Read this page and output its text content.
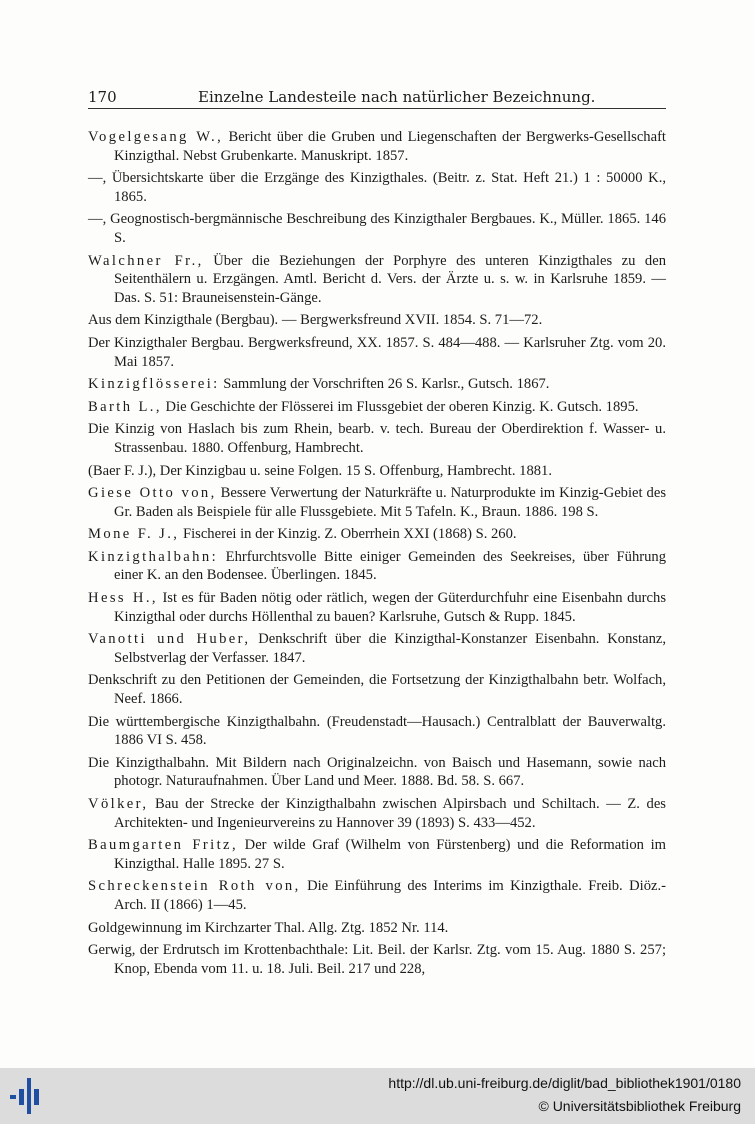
170	Einzelne Landesteile nach natürlicher Bezeichnung.
Vogelgesang W., Bericht über die Gruben und Liegenschaften der Bergwerks-Gesellschaft Kinzigthal. Nebst Grubenkarte. Manuskript. 1857.
—, Übersichtskarte über die Erzgänge des Kinzigthales. (Beitr. z. Stat. Heft 21.) 1 : 50000 K., 1865.
—, Geognostisch-bergmännische Beschreibung des Kinzigthaler Bergbaues. K., Müller. 1865. 146 S.
Walchner Fr., Über die Beziehungen der Porphyre des unteren Kinzigthales zu den Seitenthälern u. Erzgängen. Amtl. Bericht d. Vers. der Ärzte u. s. w. in Karlsruhe 1859. — Das. S. 51: Brauneisenstein-Gänge.
Aus dem Kinzigthale (Bergbau). — Bergwerksfreund XVII. 1854. S. 71—72.
Der Kinzigthaler Bergbau. Bergwerksfreund, XX. 1857. S. 484—488. — Karlsruher Ztg. vom 20. Mai 1857.
Kinzigflösserei: Sammlung der Vorschriften 26 S. Karlsr., Gutsch. 1867.
Barth L., Die Geschichte der Flösserei im Flussgebiet der oberen Kinzig. K. Gutsch. 1895.
Die Kinzig von Haslach bis zum Rhein, bearb. v. tech. Bureau der Oberdirektion f. Wasser- u. Strassenbau. 1880. Offenburg, Hambrecht.
(Baer F. J.), Der Kinzigbau u. seine Folgen. 15 S. Offenburg, Hambrecht. 1881.
Giese Otto von, Bessere Verwertung der Naturkräfte u. Naturprodukte im Kinzig-Gebiet des Gr. Baden als Beispiele für alle Flussgebiete. Mit 5 Tafeln. K., Braun. 1886. 198 S.
Mone F. J., Fischerei in der Kinzig. Z. Oberrhein XXI (1868) S. 260.
Kinzigthalbahn: Ehrfurchtsvolle Bitte einiger Gemeinden des Seekreises, über Führung einer K. an den Bodensee. Überlingen. 1845.
Hess H., Ist es für Baden nötig oder rätlich, wegen der Güterdurchfuhr eine Eisenbahn durchs Kinzigthal oder durchs Höllenthal zu bauen? Karlsruhe, Gutsch & Rupp. 1845.
Vanotti und Huber, Denkschrift über die Kinzigthal-Konstanzer Eisenbahn. Konstanz, Selbstverlag der Verfasser. 1847.
Denkschrift zu den Petitionen der Gemeinden, die Fortsetzung der Kinzigthalbahn betr. Wolfach, Neef. 1866.
Die württembergische Kinzigthalbahn. (Freudenstadt—Hausach.) Centralblatt der Bauverwaltg. 1886 VI S. 458.
Die Kinzigthalbahn. Mit Bildern nach Originalzeichn. von Baisch und Hasemann, sowie nach photogr. Naturaufnahmen. Über Land und Meer. 1888. Bd. 58. S. 667.
Völker, Bau der Strecke der Kinzigthalbahn zwischen Alpirsbach und Schiltach. — Z. des Architekten- und Ingenieurvereins zu Hannover 39 (1893) S. 433—452.
Baumgarten Fritz, Der wilde Graf (Wilhelm von Fürstenberg) und die Reformation im Kinzigthal. Halle 1895. 27 S.
Schreckenstein Roth von, Die Einführung des Interims im Kinzigthale. Freib. Diöz.-Arch. II (1866) 1—45.
Goldgewinnung im Kirchzarter Thal. Allg. Ztg. 1852 Nr. 114.
Gerwig, der Erdrutsch im Krottenbachthale: Lit. Beil. der Karlsr. Ztg. vom 15. Aug. 1880 S. 257; Knop, Ebenda vom 11. u. 18. Juli. Beil. 217 und 228,
http://dl.ub.uni-freiburg.de/diglit/bad_bibliothek1901/0180
© Universitätsbibliothek Freiburg
